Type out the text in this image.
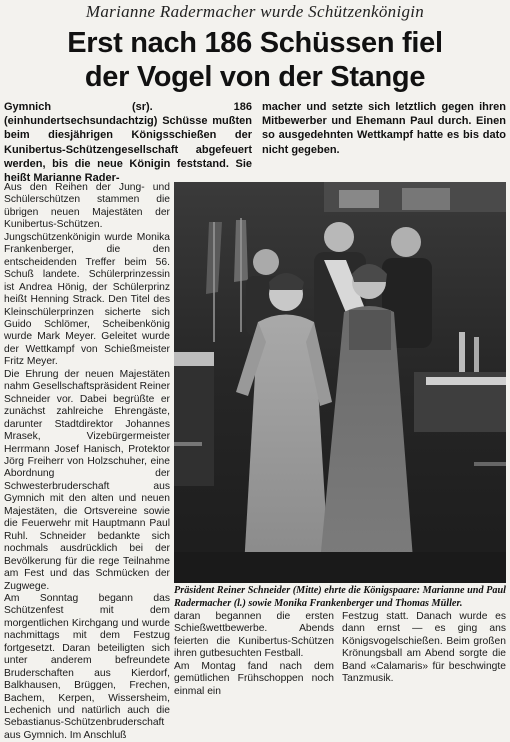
Marianne Radermacher wurde Schützenkönigin
Erst nach 186 Schüssen fiel
der Vogel von der Stange
Gymnich (sr). 186 (einhundertsechsundachtzig) Schüsse mußten beim diesjährigen Königsschießen der Kunibertus-Schützengesellschaft abgefeuert werden, bis die neue Königin feststand. Sie heißt Marianne Rader-
macher und setzte sich letztlich gegen ihren Mitbewerber und Ehemann Paul durch. Einen so ausgedehnten Wettkampf hatte es bis dato nicht gegeben.

Aus den Reihen der Jung- und Schülerschützen stammen die übrigen neuen Majestäten der Kunibertus-Schützen. Jungschützenkönigin wurde Monika Frankenberger, die den entscheidenden Treffer beim 56. Schuß landete. Schülerprinzessin ist Andrea Hönig, der Schülerprinz heißt Henning Strack. Den Titel des Kleinschülerprinzen sicherte sich Guido Schlömer, Scheibenkönig wurde Mark Meyer. Geleitet wurde der Wettkampf von Schießmeister Fritz Meyer.

Die Ehrung der neuen Majestäten nahm Gesellschaftspräsident Reiner Schneider vor. Dabei begrüßte er zunächst zahlreiche Ehrengäste, darunter Stadtdirektor Johannes Mrasek, Vizebürgermeister Herrmann Josef Hanisch, Protektor Jörg Freiherr von Holzschuher, eine Abordnung der Schwesterbruderschaft aus Gymnich mit den alten und neuen Majestäten, die Ortsvereine sowie die Feuerwehr mit Hauptmann Paul Ruhl. Schneider bedankte sich nochmals ausdrücklich bei der Bevölkerung für die rege Teilnahme am Fest und das Schmücken der Zugwege.

Am Sonntag begann das Schützenfest mit dem morgentlichen Kirchgang und wurde nachmittags mit dem Festzug fortgesetzt. Daran beteiligten sich unter anderem befreundete Bruderschaften aus Kierdorf, Balkhausen, Brüggen, Frechen, Bachem, Kerpen, Wissersheim, Lechenich und natürlich auch die Sebastianus-Schützenbruderschaft aus Gymnich. Im Anschluß

Präsident Reiner Schneider (Mitte) ehrte die Königspaare: Marianne und Paul Radermacher (l.) sowie Monika Frankenberger und Thomas Müller.
daran begannen die ersten Schießwettbewerbe. Abends feierten die Kunibertus-Schützen ihren gutbesuchten Festball.
Am Montag fand nach dem gemütlichen Frühschoppen noch einmal ein
Festzug statt. Danach wurde es dann ernst — es ging ans Königsvogelschießen. Beim großen Krönungsball am Abend sorgte die Band «Calamaris» für beschwingte Tanzmusik.
